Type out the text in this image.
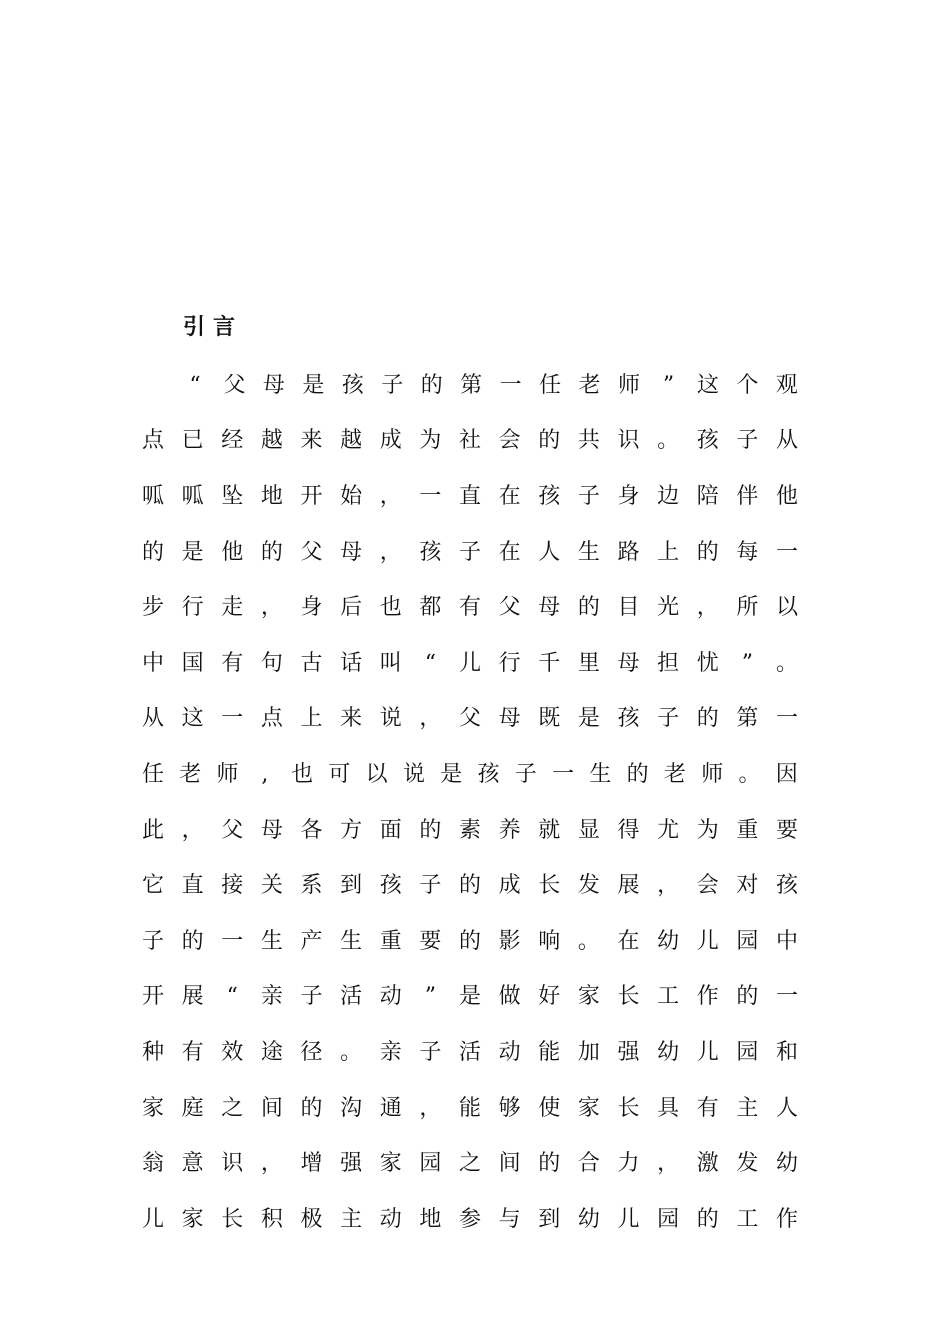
引言
“	父 母 是 孩 子 的 第 一 任 老 师	”	这 个 观
点 已 经 越 来 越 成 为 社 会 的 共 识 。 孩 子 从
呱 呱 坠 地 开 始 ， 一 直 在 孩 子 身 边 陪 伴 他
的 是 他 的 父 母 ， 孩 子 在 人 生 路 上 的 每 一
步 行 走 ， 身 后 也 都 有 父 母 的 目 光 ， 所 以
中 国 有 句 古 话 叫	“	儿 行 千 里 母 担 忧	”	。
从 这 一 点 上 来 说 ， 父 母 既 是 孩 子 的 第 一
任 老 师	,	也 可 以 说 是 孩 子 一 生 的 老 师 。 因
此 ， 父 母 各 方 面 的 素 养 就 显 得 尤 为 重 要
它 直 接 关 系 到 孩 子 的 成 长 发 展 ， 会 对 孩
子 的 一 生 产 生 重 要 的 影 响 。 在 幼 儿 园 中
开 展	“	亲 子 活 动	”	是 做 好 家 长 工 作 的 一
种 有 效 途 径 。 亲 子 活 动 能 加 强 幼 儿 园 和
家 庭 之 间 的 沟 通 ， 能 够 使 家 长 具 有 主 人
翁 意 识 ， 增 强 家 园 之 间 的 合 力 ， 激 发 幼
儿 家 长 积 极 主 动 地 参 与 到 幼 儿 园 的 工 作
